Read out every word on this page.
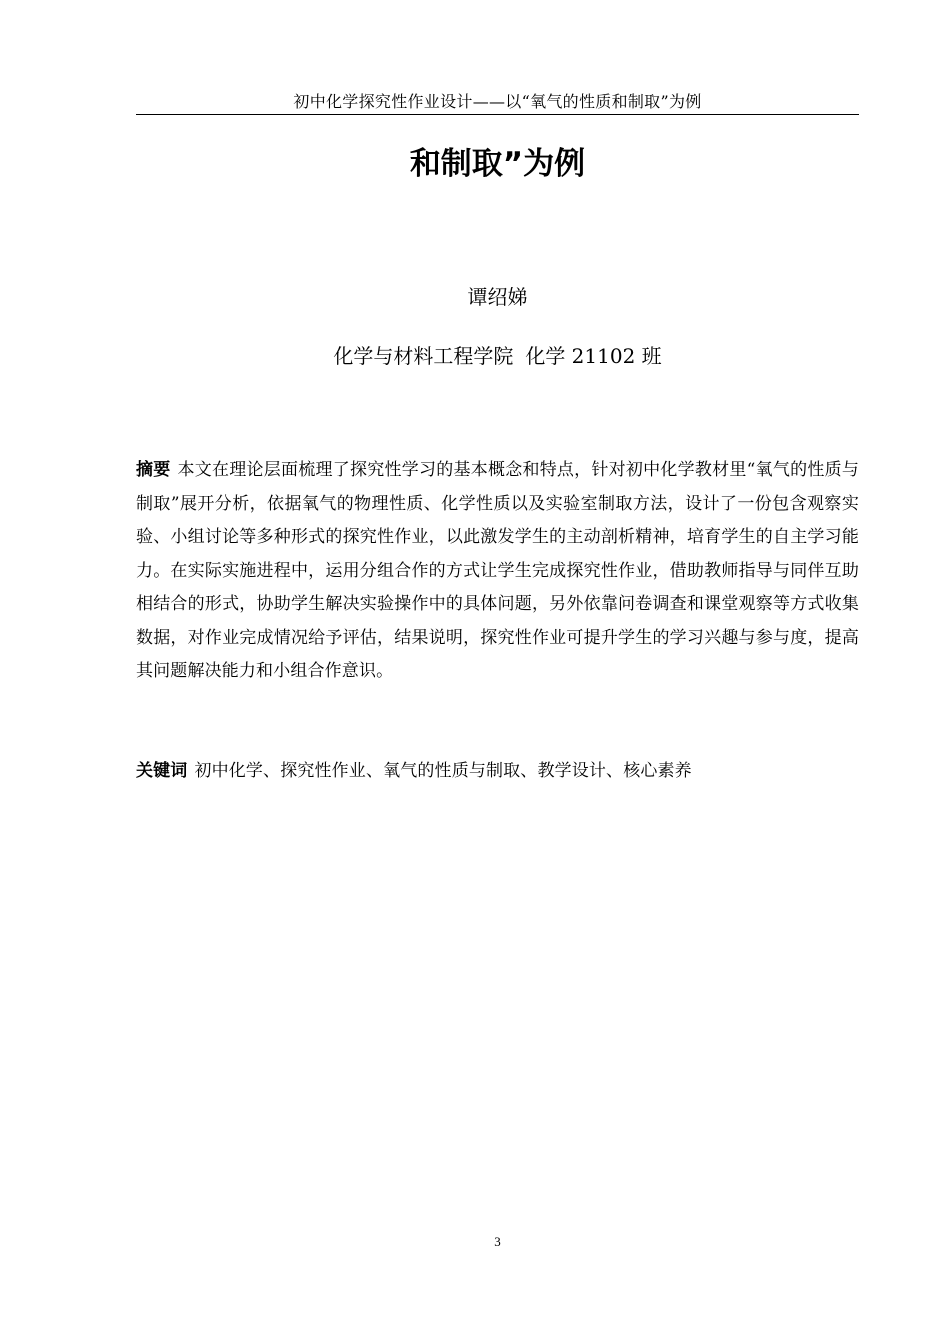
初中化学探究性作业设计——以“氧气的性质和制取”为例
和制取”为例
谭绍娣
化学与材料工程学院 化学 21102 班
摘要 本文在理论层面梳理了探究性学习的基本概念和特点，针对初中化学教材里“氧气的性质与制取”展开分析，依据氧气的物理性质、化学性质以及实验室制取方法，设计了一份包含观察实验、小组讨论等多种形式的探究性作业，以此激发学生的主动剖析精神，培育学生的自主学习能力。在实际实施进程中，运用分组合作的方式让学生完成探究性作业，借助教师指导与同伴互助相结合的形式，协助学生解决实验操作中的具体问题，另外依靠问卷调查和课堂观察等方式收集数据，对作业完成情况给予评估，结果说明，探究性作业可提升学生的学习兴趣与参与度，提高其问题解决能力和小组合作意识。
关键词 初中化学、探究性作业、氧气的性质与制取、教学设计、核心素养
3
